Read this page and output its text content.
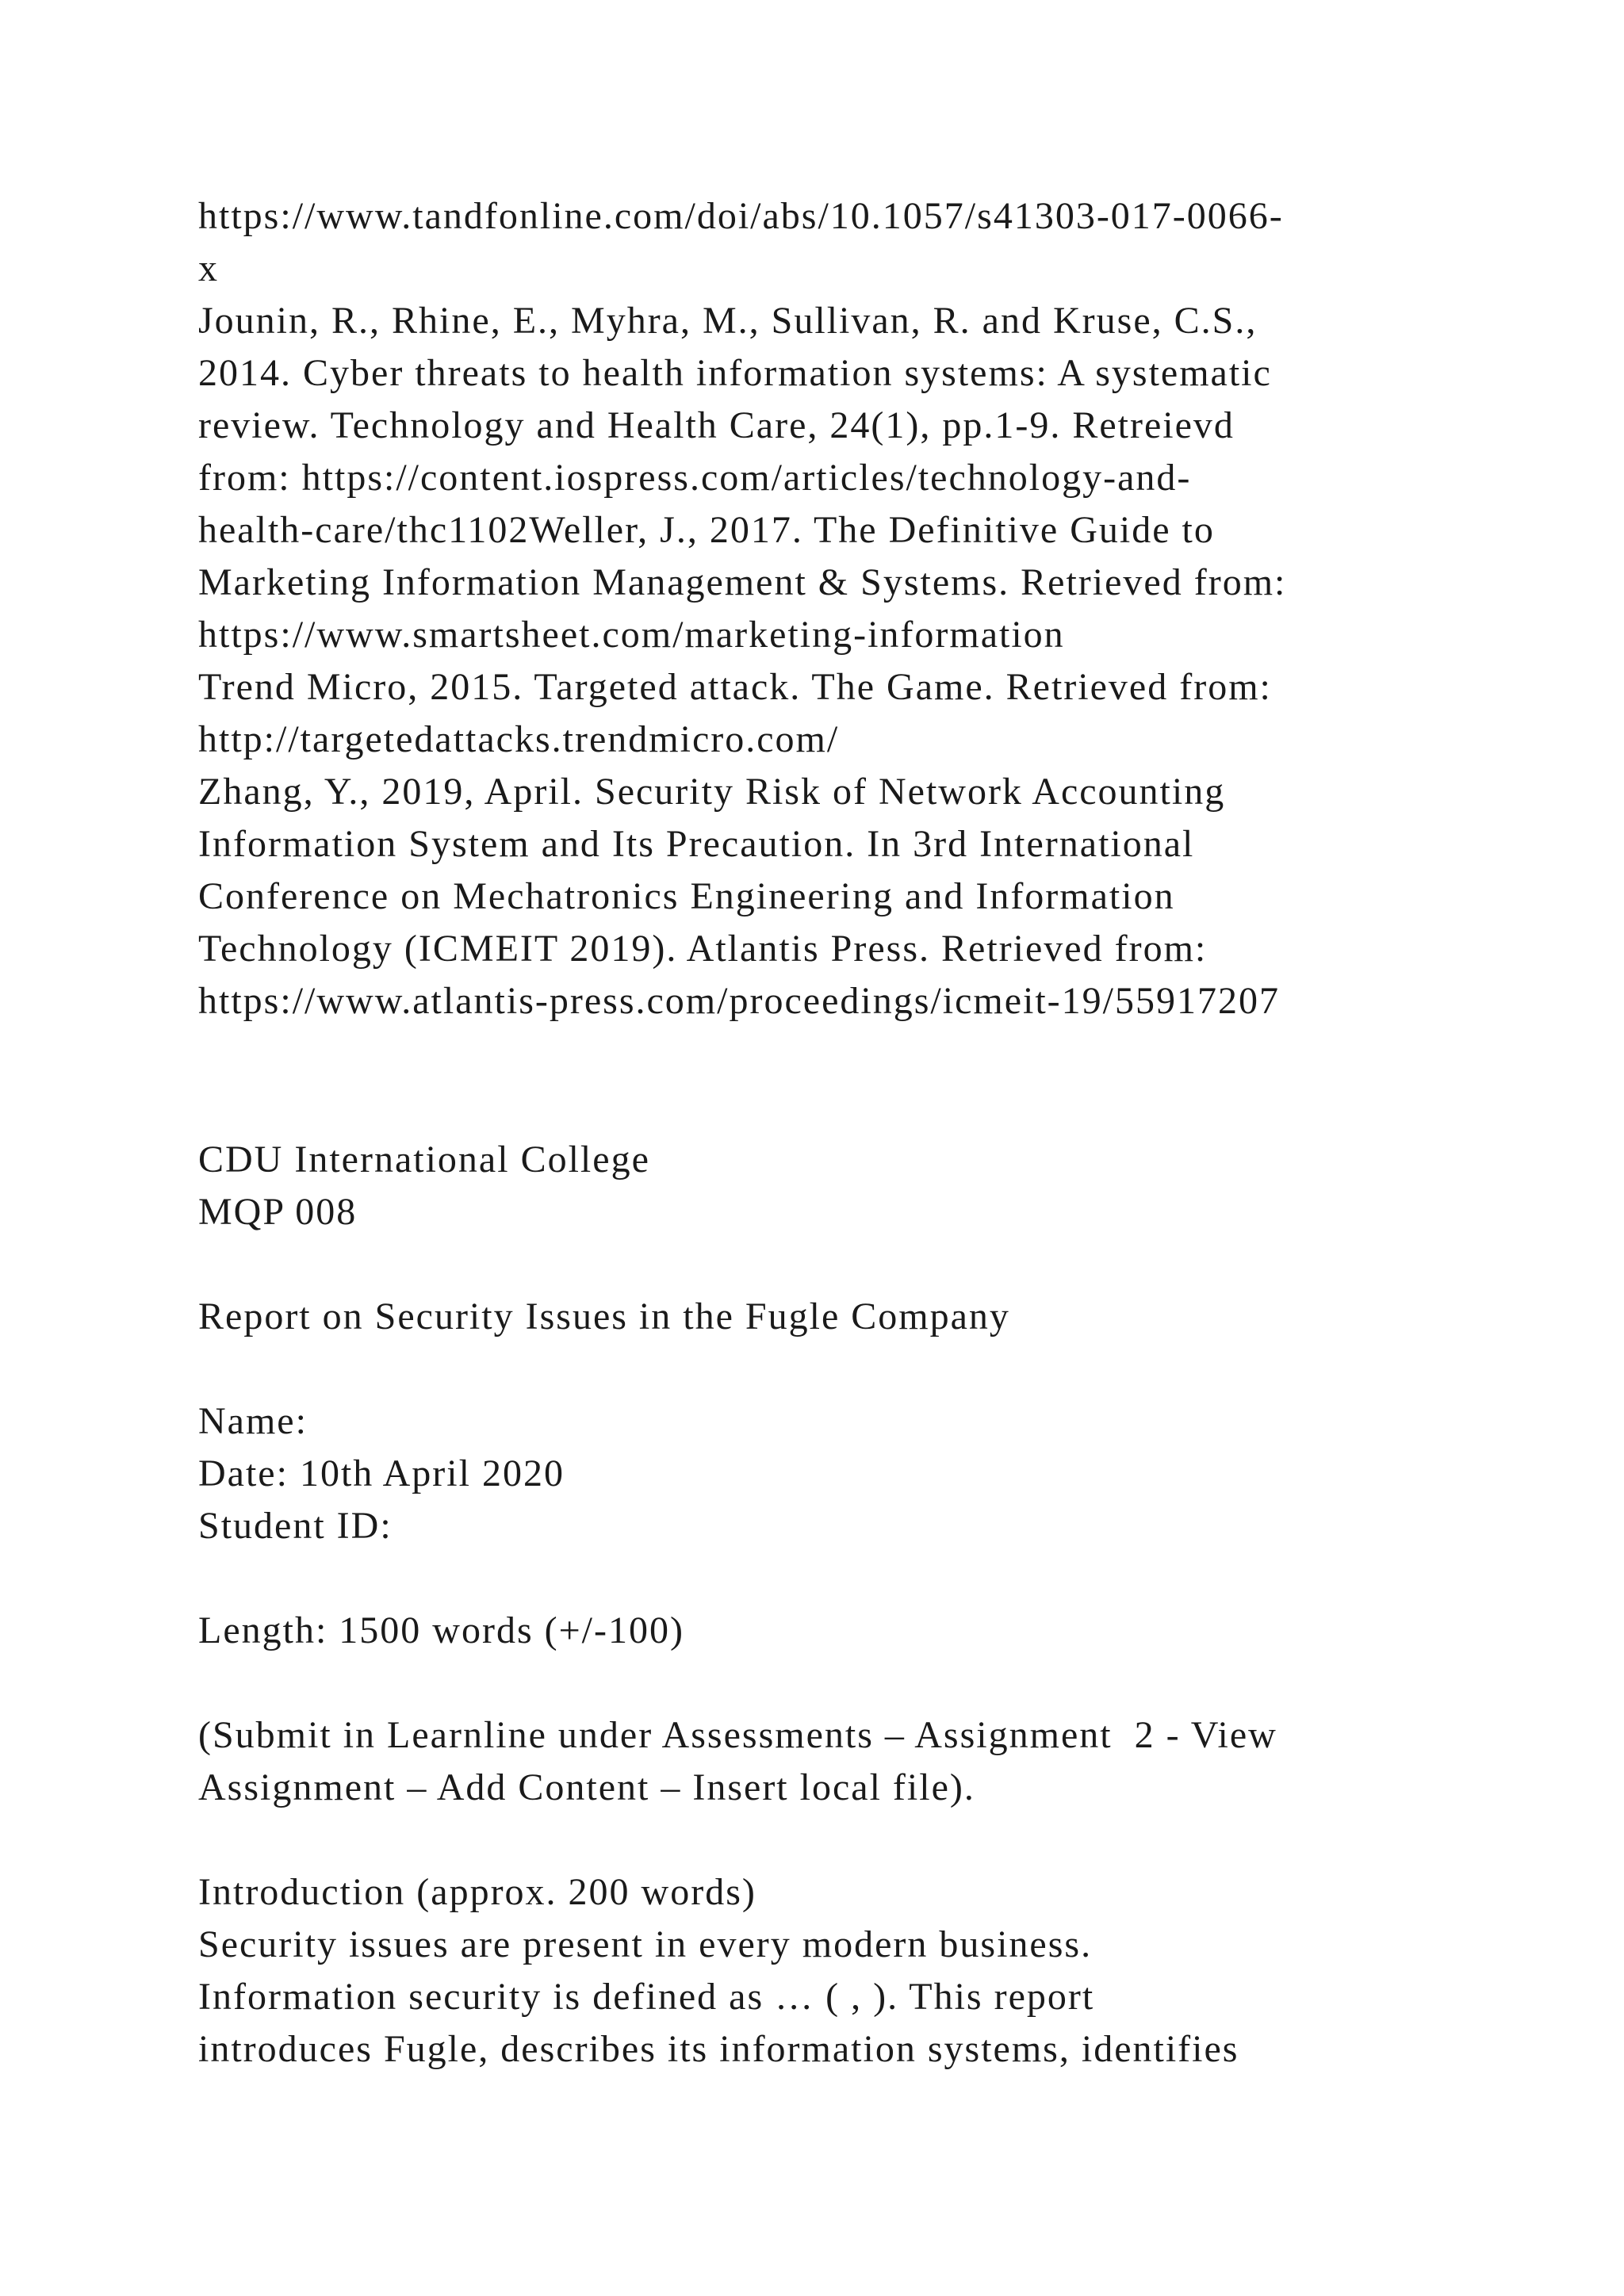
https://www.tandfonline.com/doi/abs/10.1057/s41303-017-0066-
x
Jounin, R., Rhine, E., Myhra, M., Sullivan, R. and Kruse, C.S.,
2014. Cyber threats to health information systems: A systematic
review. Technology and Health Care, 24(1), pp.1-9. Retreievd
from: https://content.iospress.com/articles/technology-and-
health-care/thc1102Weller, J., 2017. The Definitive Guide to
Marketing Information Management & Systems. Retrieved from:
https://www.smartsheet.com/marketing-information
Trend Micro, 2015. Targeted attack. The Game. Retrieved from:
http://targetedattacks.trendmicro.com/
Zhang, Y., 2019, April. Security Risk of Network Accounting
Information System and Its Precaution. In 3rd International
Conference on Mechatronics Engineering and Information
Technology (ICMEIT 2019). Atlantis Press. Retrieved from:
https://www.atlantis-press.com/proceedings/icmeit-19/55917207
CDU International College
MQP 008
Report on Security Issues in the Fugle Company
Name:
Date: 10th April 2020
Student ID:
Length: 1500 words (+/-100)
(Submit in Learnline under Assessments – Assignment  2 - View
Assignment – Add Content – Insert local file).
Introduction (approx. 200 words)
Security issues are present in every modern business.
Information security is defined as … ( , ). This report
introduces Fugle, describes its information systems, identifies
